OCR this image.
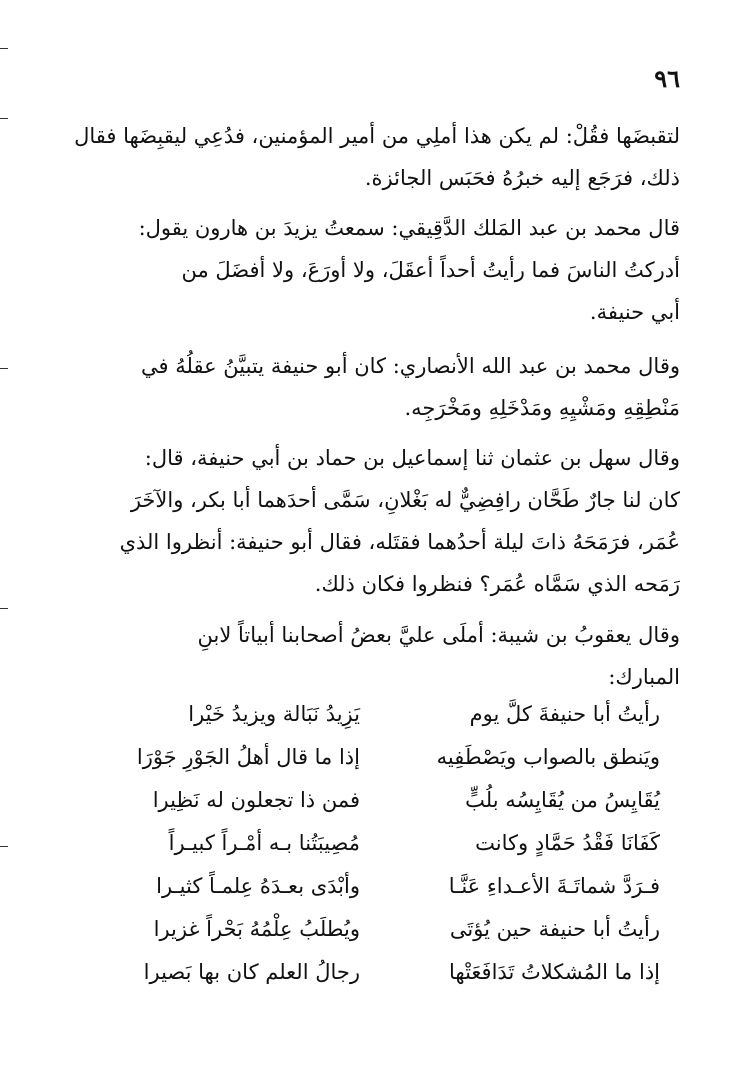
٩٦
لتقبضَها فقُلْ: لم يكن هذا أملِي من أمير المؤمنين، فدُعِي ليقبِضَها فقال
ذلك، فرَجَع إليه خبرُهُ فحَبَس الجائزة.
قال محمد بن عبد المَلك الدَّقِيقي: سمعتُ يزيدَ بن هارون يقول:
أدركتُ الناسَ فما رأيتُ أحداً أعقَلَ، ولا أورَعَ، ولا أفضَلَ من
أبي حنيفة.
وقال محمد بن عبد الله الأنصاري: كان أبو حنيفة يتبيَّنُ عقلُهُ في
مَنْطِقِهِ ومَشْيِهِ ومَدْخَلِهِ ومَخْرَجِه.
وقال سهل بن عثمان ثنا إسماعيل بن حماد بن أبي حنيفة، قال:
كان لنا جارٌ طَحَّان رافِضِيٌّ له بَغْلانِ، سَمَّى أحدَهما أبا بكر، والآخَرَ
عُمَر، فرَمَحَهُ ذاتَ ليلة أحدُهما فقتَله، فقال أبو حنيفة: أنظروا الذي
رَمَحه الذي سَمَّاه عُمَر؟ فنظروا فكان ذلك.
وقال يعقوبُ بن شيبة: أملَى عليَّ بعضُ أصحابنا أبياتاً لابنِ
المبارك:
رأيتُ أبا حنيفةَ كلَّ يوم
يَزِيدُ نَبَالة ويزيدُ خَيْرا
ويَنطق بالصواب ويَصْطَفِيه
إذا ما قال أهلُ الجَوْرِ جَوْرَا
يُقَايِسُ من يُقَايِسُه بلُبٍّ
فمن ذا تجعلون له نَظِيرا
كَفَانَا فَقْدُ حَمَّادٍ وكانت
مُصِيبَتُنا بـه أمْـراً كبيـراً
فـرَدَّ شماتَـةَ الأعـداءِ عَنَّـا
وأبْدَى بعـدَهُ عِلمـاً كثيـرا
رأيتُ أبا حنيفة حين يُؤتَى
ويُطلَبُ عِلْمُهُ بَحْراً غزيرا
إذا ما المُشكلاتُ تَدَافَعَتْها
رجالُ العلم كان بها بَصيرا
